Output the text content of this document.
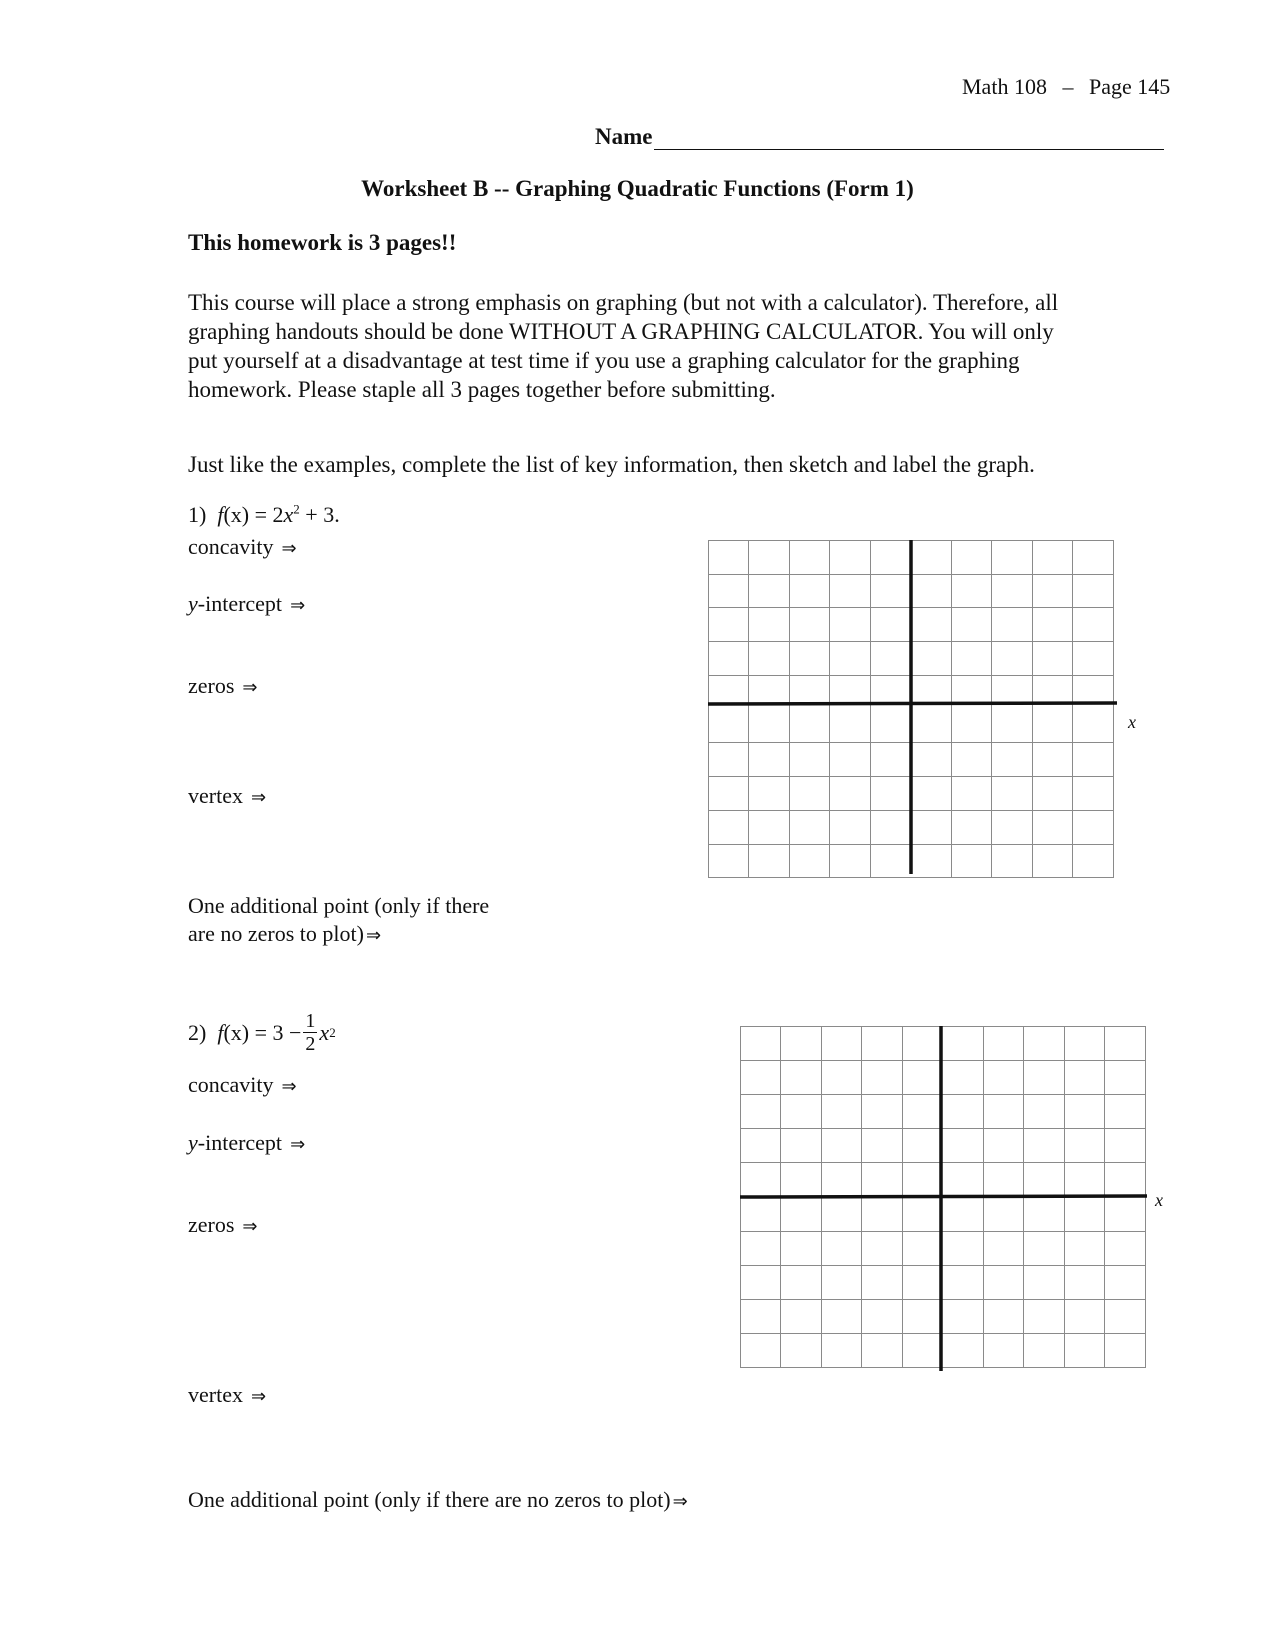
Math 108 – Page 145
Name
Worksheet B -- Graphing Quadratic Functions (Form 1)
This homework is 3 pages!!
This course will place a strong emphasis on graphing (but not with a calculator). Therefore, all
graphing handouts should be done WITHOUT A GRAPHING CALCULATOR. You will only
put yourself at a disadvantage at test time if you use a graphing calculator for the graphing
homework. Please staple all 3 pages together before submitting.
Just like the examples, complete the list of key information, then sketch and label the graph.
1) $f(x) = 2x^2 + 3$.
concavity ⇒
y-intercept ⇒
zeros ⇒
vertex ⇒
One additional point (only if there
are no zeros to plot) ⇒
x
2)
f $(x) = 3 - \frac{1}{2}$ x 2
concavity ⇒
y-intercept ⇒
zeros ⇒
vertex ⇒
One additional point (only if there are no zeros to plot) ⇒
x
